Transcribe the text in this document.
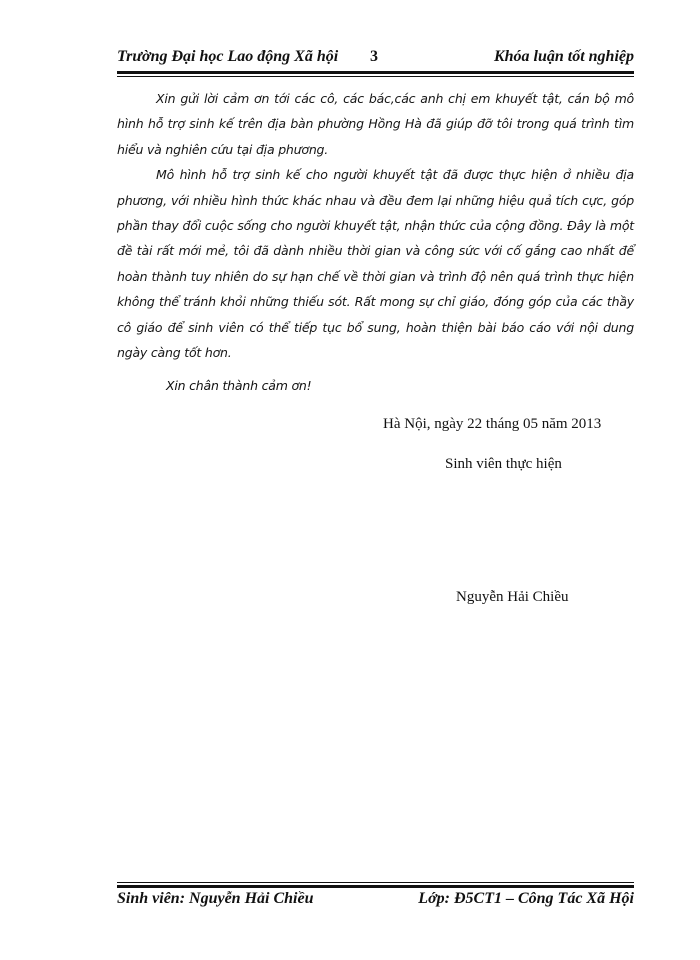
Trường Đại học Lao động Xã hội 3	Khóa luận tốt nghiệp

Xin gửi lời cảm ơn tới các cô, các bác,các anh chị em khuyết tật, cán bộ mô hình hỗ trợ sinh kế trên địa bàn phường Hồng Hà đã giúp đỡ tôi trong quá trình tìm hiểu và nghiên cứu tại địa phương.

Mô hình hỗ trợ sinh kế cho người khuyết tật đã được thực hiện ở nhiều địa phương, với nhiều hình thức khác nhau và đều đem lại những hiệu quả tích cực, góp phần thay đổi cuộc sống cho người khuyết tật, nhận thức của cộng đồng. Đây là một đề tài rất mới mẻ, tôi đã dành nhiều thời gian và công sức với cố gắng cao nhất để hoàn thành tuy nhiên do sự hạn chế về thời gian và trình độ nên quá trình thực hiện không thể tránh khỏi những thiếu sót. Rất mong sự chỉ giáo, đóng góp của các thầy cô giáo để sinh viên có thể tiếp tục bổ sung, hoàn thiện bài báo cáo với nội dung ngày càng tốt hơn.

Xin chân thành cảm ơn!
Hà Nội, ngày 22 tháng 05 năm 2013
Sinh viên thực hiện
Nguyễn Hải Chiều
Sinh viên: Nguyễn Hải Chiều	Lớp: Đ5CT1 – Công Tác Xã Hội
